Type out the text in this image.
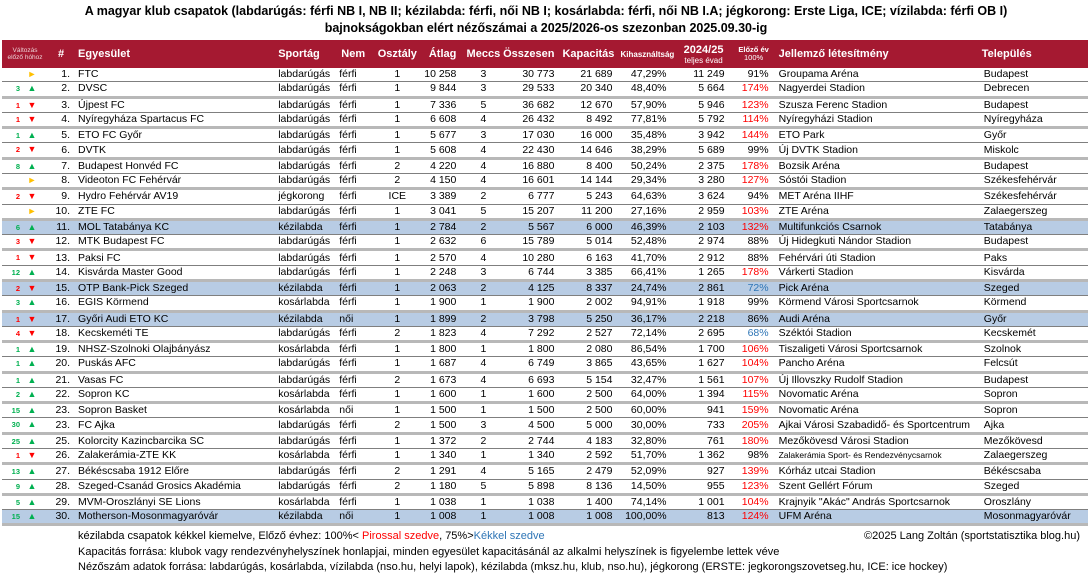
A magyar klub csapatok (labdarúgás: férfi NB I, NB II; kézilabda: férfi, női NB I; kosárlabda: férfi, női NB I.A; jégkorong: Erste Liga, ICE; vízilabda: férfi OB I)
bajnokságokban elért nézőszámai a 2025/2026-os szezonban 2025.09.30-ig
Változás előző hóhoz	#	Egyesület	Sportág	Nem	Osztály	Átlag	Meccs	Összesen	Kapacitás	Kihasználtság	2024/25
teljes évad	Előző év
100%	Jellemző létesítmény	Település
►	1.	FTC	labdarúgás	férfi	1	10 258	3	30 773	21 689	47,29%	11 249	91%	Groupama Aréna	Budapest
3 ▲	2.	DVSC	labdarúgás	férfi	1	9 844	3	29 533	20 340	48,40%	5 664	174%	Nagyerdei Stadion	Debrecen
1 ▼	3.	Újpest FC	labdarúgás	férfi	1	7 336	5	36 682	12 670	57,90%	5 946	123%	Szusza Ferenc Stadion	Budapest
1 ▼	4.	Nyíregyháza Spartacus FC	labdarúgás	férfi	1	6 608	4	26 432	8 492	77,81%	5 792	114%	Nyíregyházi Stadion	Nyíregyháza
1 ▲	5.	ETO FC Győr	labdarúgás	férfi	1	5 677	3	17 030	16 000	35,48%	3 942	144%	ETO Park	Győr
2 ▼	6.	DVTK	labdarúgás	férfi	1	5 608	4	22 430	14 646	38,29%	5 689	99%	Új DVTK Stadion	Miskolc
8 ▲	7.	Budapest Honvéd FC	labdarúgás	férfi	2	4 220	4	16 880	8 400	50,24%	2 375	178%	Bozsik Aréna	Budapest
►	8.	Videoton FC Fehérvár	labdarúgás	férfi	2	4 150	4	16 601	14 144	29,34%	3 280	127%	Sóstói Stadion	Székesfehérvár
2 ▼	9.	Hydro Fehérvár AV19	jégkorong	férfi	ICE	3 389	2	6 777	5 243	64,63%	3 624	94%	MET Aréna IIHF	Székesfehérvár
►	10.	ZTE FC	labdarúgás	férfi	1	3 041	5	15 207	11 200	27,16%	2 959	103%	ZTE Aréna	Zalaegerszeg
6 ▲	11.	MOL Tatabánya KC	kézilabda	férfi	1	2 784	2	5 567	6 000	46,39%	2 103	132%	Multifunkciós Csarnok	Tatabánya
3 ▼	12.	MTK Budapest FC	labdarúgás	férfi	1	2 632	6	15 789	5 014	52,48%	2 974	88%	Új Hidegkuti Nándor Stadion	Budapest
1 ▼	13.	Paksi FC	labdarúgás	férfi	1	2 570	4	10 280	6 163	41,70%	2 912	88%	Fehérvári úti Stadion	Paks
12 ▲	14.	Kisvárda Master Good	labdarúgás	férfi	1	2 248	3	6 744	3 385	66,41%	1 265	178%	Várkerti Stadion	Kisvárda
2 ▼	15.	OTP Bank-Pick Szeged	kézilabda	férfi	1	2 063	2	4 125	8 337	24,74%	2 861	72%	Pick Aréna	Szeged
3 ▲	16.	EGIS Körmend	kosárlabda	férfi	1	1 900	1	1 900	2 002	94,91%	1 918	99%	Körmend Városi Sportcsarnok	Körmend
1 ▼	17.	Győri Audi ETO KC	kézilabda	női	1	1 899	2	3 798	5 250	36,17%	2 218	86%	Audi Aréna	Győr
4 ▼	18.	Kecskeméti TE	labdarúgás	férfi	2	1 823	4	7 292	2 527	72,14%	2 695	68%	Széktói Stadion	Kecskemét
1 ▲	19.	NHSZ-Szolnoki Olajbányász	kosárlabda	férfi	1	1 800	1	1 800	2 080	86,54%	1 700	106%	Tiszaligeti Városi Sportcsarnok	Szolnok
1 ▲	20.	Puskás AFC	labdarúgás	férfi	1	1 687	4	6 749	3 865	43,65%	1 627	104%	Pancho Aréna	Felcsút
1 ▲	21.	Vasas FC	labdarúgás	férfi	2	1 673	4	6 693	5 154	32,47%	1 561	107%	Új Illovszky Rudolf Stadion	Budapest
2 ▲	22.	Sopron KC	kosárlabda	férfi	1	1 600	1	1 600	2 500	64,00%	1 394	115%	Novomatic Aréna	Sopron
15 ▲	23.	Sopron Basket	kosárlabda	női	1	1 500	1	1 500	2 500	60,00%	941	159%	Novomatic Aréna	Sopron
30 ▲	23.	FC Ajka	labdarúgás	férfi	2	1 500	3	4 500	5 000	30,00%	733	205%	Ajkai Városi Szabadidő- és Sportcentrum	Ajka
25 ▲	25.	Kolorcity Kazincbarcika SC	labdarúgás	férfi	1	1 372	2	2 744	4 183	32,80%	761	180%	Mezőkövesd Városi Stadion	Mezőkövesd
1 ▼	26.	Zalakerámia-ZTE KK	kosárlabda	férfi	1	1 340	1	1 340	2 592	51,70%	1 362	98%	Zalakerámia Sport- és Rendezvénycsarnok	Zalaegerszeg
13 ▲	27.	Békéscsaba 1912 Előre	labdarúgás	férfi	2	1 291	4	5 165	2 479	52,09%	927	139%	Kórház utcai Stadion	Békéscsaba
9 ▲	28.	Szeged-Csanád Grosics Akadémia	labdarúgás	férfi	2	1 180	5	5 898	8 136	14,50%	955	123%	Szent Gellért Fórum	Szeged
5 ▲	29.	MVM-Oroszlányi SE Lions	kosárlabda	férfi	1	1 038	1	1 038	1 400	74,14%	1 001	104%	Krajnyik "Akác" András Sportcsarnok	Oroszlány
15 ▲	30.	Motherson-Mosonmagyaróvár	kézilabda	női	1	1 008	1	1 008	1 008	100,00%	813	124%	UFM Aréna	Mosonmagyaróvár
kézilabda csapatok kékkel kiemelve, Előző évhez: 100%< Pirossal szedve, 75%>Kékkel szedve	©2025 Lang Zoltán (sportstatisztika blog.hu)
Kapacitás forrása: klubok vagy rendezvényhelyszínek honlapjai, minden egyesület kapacitásánál az alkalmi helyszínek is figyelembe lettek véve
Nézőszám adatok forrása: labdarúgás, kosárlabda, vízilabda (nso.hu, helyi lapok), kézilabda (mksz.hu, klub, nso.hu), jégkorong (ERSTE: jegkorongszovetseg.hu, ICE: ice hockey)
